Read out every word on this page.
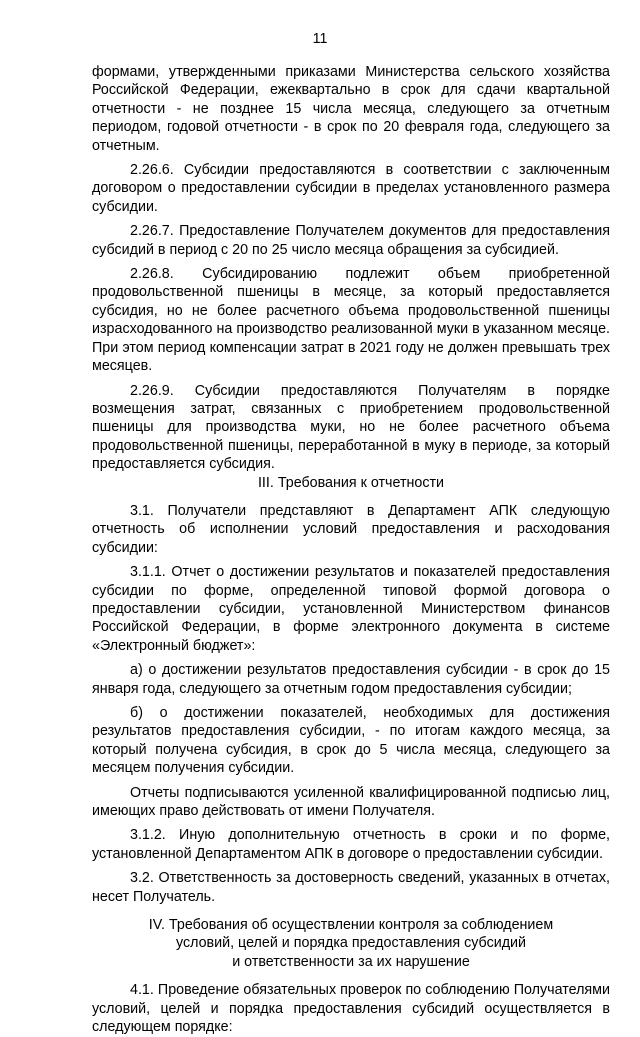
11

формами, утвержденными приказами Министерства сельского хозяйства Российской Федерации, ежеквартально в срок для сдачи квартальной отчетности - не позднее 15 числа месяца, следующего за отчетным периодом, годовой отчетности - в срок по 20 февраля года, следующего за отчетным.

2.26.6. Субсидии предоставляются в соответствии с заключенным договором о предоставлении субсидии в пределах установленного размера субсидии.

2.26.7. Предоставление Получателем документов для предоставления субсидий в период с 20 по 25 число месяца обращения за субсидией.

2.26.8. Субсидированию подлежит объем приобретенной продовольственной пшеницы в месяце, за который предоставляется субсидия, но не более расчетного объема продовольственной пшеницы израсходованного на производство реализованной муки в указанном месяце. При этом период компенсации затрат в 2021 году не должен превышать трех месяцев.

2.26.9. Субсидии предоставляются Получателям в порядке возмещения затрат, связанных с приобретением продовольственной пшеницы для производства муки, но не более расчетного объема продовольственной пшеницы, переработанной в муку в периоде, за который предоставляется субсидия.

III. Требования к отчетности

3.1. Получатели представляют в Департамент АПК следующую отчетность об исполнении условий предоставления и расходования субсидии:

3.1.1. Отчет о достижении результатов и показателей предоставления субсидии по форме, определенной типовой формой договора о предоставлении субсидии, установленной Министерством финансов Российской Федерации, в форме электронного документа в системе «Электронный бюджет»:

а) о достижении результатов предоставления субсидии - в срок до 15 января года, следующего за отчетным годом предоставления субсидии;

б) о достижении показателей, необходимых для достижения результатов предоставления субсидии, - по итогам каждого месяца, за который получена субсидия, в срок до 5 числа месяца, следующего за месяцем получения субсидии.

Отчеты подписываются усиленной квалифицированной подписью лиц, имеющих право действовать от имени Получателя.

3.1.2. Иную дополнительную отчетность в сроки и по форме, установленной Департаментом АПК в договоре о предоставлении субсидии.

3.2. Ответственность за достоверность сведений, указанных в отчетах, несет Получатель.

IV. Требования об осуществлении контроля за соблюдением

условий, целей и порядка предоставления субсидий

и ответственности за их нарушение

4.1. Проведение обязательных проверок по соблюдению Получателями условий, целей и порядка предоставления субсидий осуществляется в следующем порядке:
